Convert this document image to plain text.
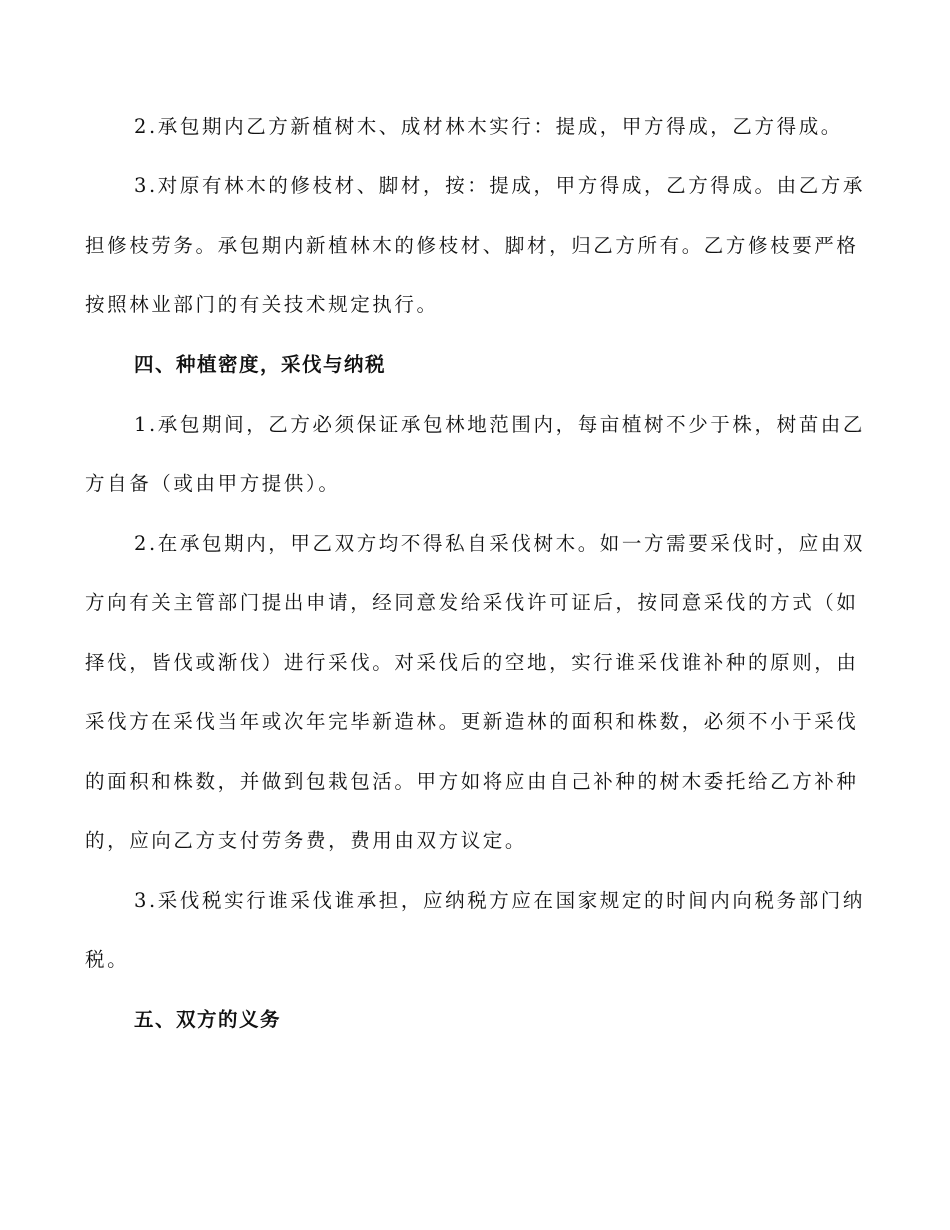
2.承包期内乙方新植树木、成材林木实行：提成，甲方得成，乙方得成。
3.对原有林木的修枝材、脚材，按：提成，甲方得成，乙方得成。由乙方承
担修枝劳务。承包期内新植林木的修枝材、脚材，归乙方所有。乙方修枝要严格
按照林业部门的有关技术规定执行。
四、种植密度，采伐与纳税
1.承包期间，乙方必须保证承包林地范围内，每亩植树不少于株，树苗由乙
方自备（或由甲方提供）。
2.在承包期内，甲乙双方均不得私自采伐树木。如一方需要采伐时，应由双
方向有关主管部门提出申请，经同意发给采伐许可证后，按同意采伐的方式（如
择伐，皆伐或渐伐）进行采伐。对采伐后的空地，实行谁采伐谁补种的原则，由
采伐方在采伐当年或次年完毕新造林。更新造林的面积和株数，必须不小于采伐
的面积和株数，并做到包栽包活。甲方如将应由自己补种的树木委托给乙方补种
的，应向乙方支付劳务费，费用由双方议定。
3.采伐税实行谁采伐谁承担，应纳税方应在国家规定的时间内向税务部门纳
税。
五、双方的义务
